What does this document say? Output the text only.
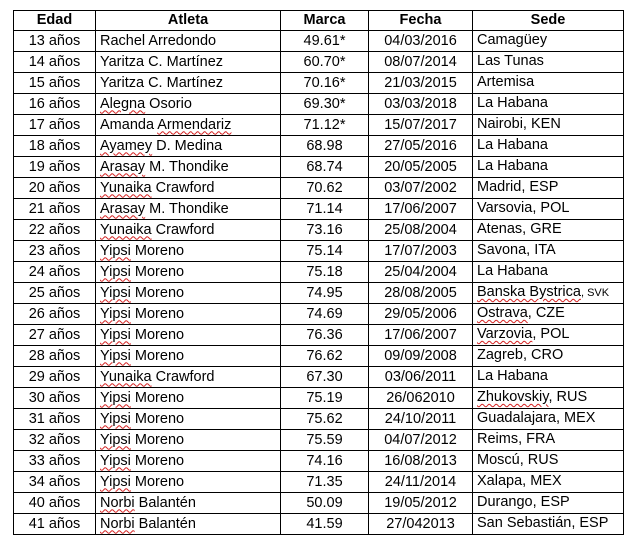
Edad	Atleta	Marca	Fecha	Sede
13 años	Rachel Arredondo	49.61*	04/03/2016	Camagüey
14 años	Yaritza C. Martínez	60.70*	08/07/2014	Las Tunas
15 años	Yaritza C. Martínez	70.16*	21/03/2015	Artemisa
16 años	Alegna Osorio	69.30*	03/03/2018	La Habana
17 años	Amanda Armendariz	71.12*	15/07/2017	Nairobi, KEN
18 años	Ayamey D. Medina	68.98	27/05/2016	La Habana
19 años	Arasay M. Thondike	68.74	20/05/2005	La Habana
20 años	Yunaika Crawford	70.62	03/07/2002	Madrid, ESP
21 años	Arasay M. Thondike	71.14	17/06/2007	Varsovia, POL
22 años	Yunaika Crawford	73.16	25/08/2004	Atenas, GRE
23 años	Yipsi Moreno	75.14	17/07/2003	Savona, ITA
24 años	Yipsi Moreno	75.18	25/04/2004	La Habana
25 años	Yipsi Moreno	74.95	28/08/2005	Banska Bystrica, SVK
26 años	Yipsi Moreno	74.69	29/05/2006	Ostrava, CZE
27 años	Yipsi Moreno	76.36	17/06/2007	Varzovia, POL
28 años	Yipsi Moreno	76.62	09/09/2008	Zagreb, CRO
29 años	Yunaika Crawford	67.30	03/06/2011	La Habana
30 años	Yipsi Moreno	75.19	26/062010	Zhukovskiy, RUS
31 años	Yipsi Moreno	75.62	24/10/2011	Guadalajara, MEX
32 años	Yipsi Moreno	75.59	04/07/2012	Reims, FRA
33 años	Yipsi Moreno	74.16	16/08/2013	Moscú, RUS
34 años	Yipsi Moreno	71.35	24/11/2014	Xalapa, MEX
40 años	Norbi Balantén	50.09	19/05/2012	Durango, ESP
41 años	Norbi Balantén	41.59	27/042013	San Sebastián, ESP
